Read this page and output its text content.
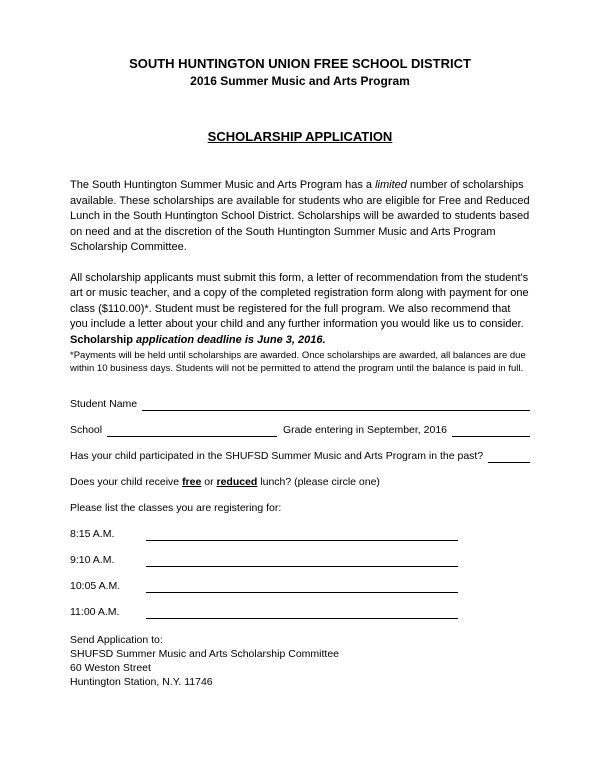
SOUTH HUNTINGTON UNION FREE SCHOOL DISTRICT
2016 Summer Music and Arts Program
SCHOLARSHIP APPLICATION

The South Huntington Summer Music and Arts Program has a limited number of scholarships available. These scholarships are available for students who are eligible for Free and Reduced Lunch in the South Huntington School District. Scholarships will be awarded to students based on need and at the discretion of the South Huntington Summer Music and Arts Program Scholarship Committee.

All scholarship applicants must submit this form, a letter of recommendation from the student's art or music teacher, and a copy of the completed registration form along with payment for one class ($110.00)*. Student must be registered for the full program. We also recommend that you include a letter about your child and any further information you would like us to consider. Scholarship application deadline is June 3, 2016.

*Payments will be held until scholarships are awarded. Once scholarships are awarded, all balances are due within 10 business days. Students will not be permitted to attend the program until the balance is paid in full.

Student Name
School	Grade entering in September, 2016
Has your child participated in the SHUFSD Summer Music and Arts Program in the past?

Does your child receive free or reduced lunch? (please circle one)

Please list the classes you are registering for:

8:15 A.M.
9:10 A.M.
10:05 A.M.
11:00 A.M.
Send Application to:
SHUFSD Summer Music and Arts Scholarship Committee
60 Weston Street
Huntington Station, N.Y. 11746
